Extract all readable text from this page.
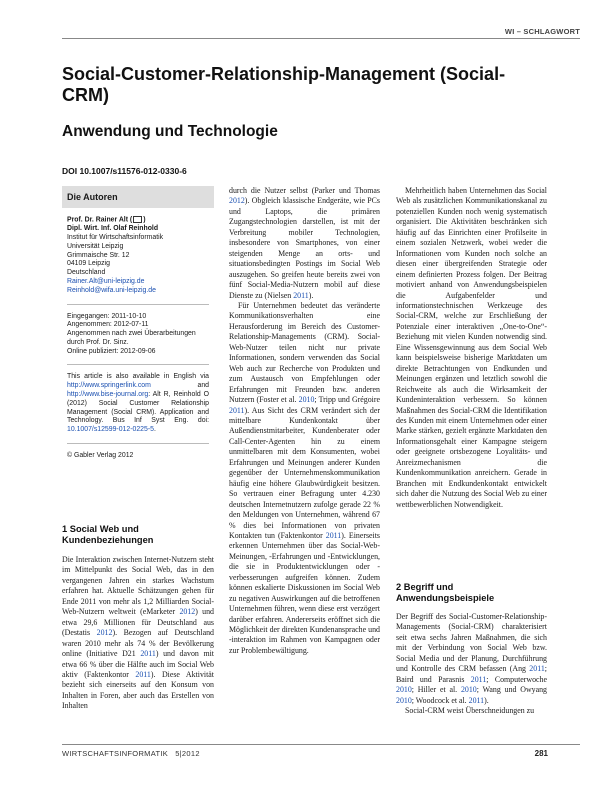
WI – SCHLAGWORT
Social-Customer-Relationship-Management (Social-CRM)
Anwendung und Technologie
DOI 10.1007/s11576-012-0330-6
Die Autoren
Prof. Dr. Rainer Alt ( )
Dipl. Wirt. Inf. Olaf Reinhold
Institut für Wirtschaftsinformatik
Universität Leipzig
Grimmaische Str. 12
04109 Leipzig
Deutschland
Rainer.Alt@uni-leipzig.de
Reinhold@wifa.uni-leipzig.de
Eingegangen: 2011-10-10
Angenommen: 2012-07-11
Angenommen nach zwei Überarbeitungen durch Prof. Dr. Sinz.
Online publiziert: 2012-09-06
This article is also available in English via http://www.springerlink.com and http://www.bise-journal.org: Alt R, Reinhold O (2012) Social Customer Relationship Management (Social CRM). Application and Technology. Bus Inf Syst Eng. doi: 10.1007/s12599-012-0225-5.
© Gabler Verlag 2012
1 Social Web und Kundenbeziehungen

Die Interaktion zwischen Internet-Nutzern steht im Mittelpunkt des Social Web, das in den vergangenen Jahren ein starkes Wachstum erfahren hat. Aktuelle Schätzungen gehen für Ende 2011 von mehr als 1,2 Milliarden Social-Web-Nutzern weltweit (eMarketer 2012) und etwa 29,6 Millionen für Deutschland aus (Destatis 2012). Bezogen auf Deutschland waren 2010 mehr als 74 % der Bevölkerung online (Initiative D21 2011) und davon mit etwa 66 % über die Hälfte auch im Social Web aktiv (Faktenkontor 2011). Diese Aktivität bezieht sich einerseits auf den Konsum von Inhalten in Foren, aber auch das Erstellen von Inhalten

durch die Nutzer selbst (Parker und Thomas 2012). Obgleich klassische Endgeräte, wie PCs und Laptops, die primären Zugangstechnologien darstellen, ist mit der Verbreitung mobiler Technologien, insbesondere von Smartphones, von einer steigenden Menge an orts- und situationsbedingten Postings im Social Web auszugehen. So greifen heute bereits zwei von fünf Social-Media-Nutzern mobil auf diese Dienste zu (Nielsen 2011).

Für Unternehmen bedeutet das veränderte Kommunikationsverhalten eine Herausforderung im Bereich des Customer-Relationship-Managements (CRM). Social-Web-Nutzer teilen nicht nur private Informationen, sondern verwenden das Social Web auch zur Recherche von Produkten und zum Austausch von Empfehlungen oder Erfahrungen mit Freunden bzw. anderen Nutzern (Foster et al. 2010; Tripp und Grégoire 2011). Aus Sicht des CRM verändert sich der mittelbare Kundenkontakt über Außendienstmitarbeiter, Kundenberater oder Call-Center-Agenten hin zu einem unmittelbaren mit dem Konsumenten, wobei Erfahrungen und Meinungen anderer Kunden gegenüber der Unternehmenskommunikation häufig eine höhere Glaubwürdigkeit besitzen. So vertrauen einer Befragung unter 4.230 deutschen Internetnutzern zufolge gerade 22 % den Meldungen von Unternehmen, während 67 % dies bei Informationen von privaten Kontakten tun (Faktenkontor 2011). Einerseits erkennen Unternehmen über das Social-Web-Meinungen, -Erfahrungen und -Entwicklungen, die sie in Produktentwicklungen oder -verbesserungen aufgreifen können. Zudem können eskalierte Diskussionen im Social Web zu negativen Auswirkungen auf die betroffenen Unternehmen führen, wenn diese erst verzögert darüber erfahren. Andererseits eröffnet sich die Möglichkeit der direkten Kundenansprache und -interaktion im Rahmen von Kampagnen oder zur Problembewältigung.

Mehrheitlich haben Unternehmen das Social Web als zusätzlichen Kommunikationskanal zu potenziellen Kunden noch wenig systematisch organisiert. Die Aktivitäten beschränken sich häufig auf das Einrichten einer Profilseite in einem sozialen Netzwerk, wobei weder die Informationen vom Kunden noch solche an diesen einer übergreifenden Strategie oder einem definierten Prozess folgen. Der Beitrag motiviert anhand von Anwendungsbeispielen die Aufgabenfelder und informationstechnischen Werkzeuge des Social-CRM, welche zur Erschließung der Potenziale einer interaktiven „One-to-One“-Beziehung mit vielen Kunden notwendig sind. Eine Wissensgewinnung aus dem Social Web kann beispielsweise bisherige Marktdaten um direkte Betrachtungen von Endkunden und Meinungen ergänzen und letztlich sowohl die Reichweite als auch die Wirksamkeit der Kundeninteraktion verbessern. So können Maßnahmen des Social-CRM die Identifikation des Kunden mit einem Unternehmen oder einer Marke stärken, gezielt ergänzte Marktdaten den Informationsgehalt einer Kampagne steigern oder geeignete ortsbezogene Loyalitäts- und Anreizmechanismen die Kundenkommunikation anreichern. Gerade in Branchen mit Endkundenkontakt entwickelt sich daher die Nutzung des Social Web zu einer wettbewerblichen Notwendigkeit.

2 Begriff und Anwendungsbeispiele

Der Begriff des Social-Customer-Relationship-Managements (Social-CRM) charakterisiert seit etwa sechs Jahren Maßnahmen, die sich mit der Verbindung von Social Web bzw. Social Media und der Planung, Durchführung und Kontrolle des CRM befassen (Ang 2011; Baird und Parasnis 2011; Computerwoche 2010; Hiller et al. 2010; Wang und Owyang 2010; Woodcock et al. 2011).

Social-CRM weist Überschneidungen zu

WIRTSCHAFTSINFORMATIK 5|2012	281
